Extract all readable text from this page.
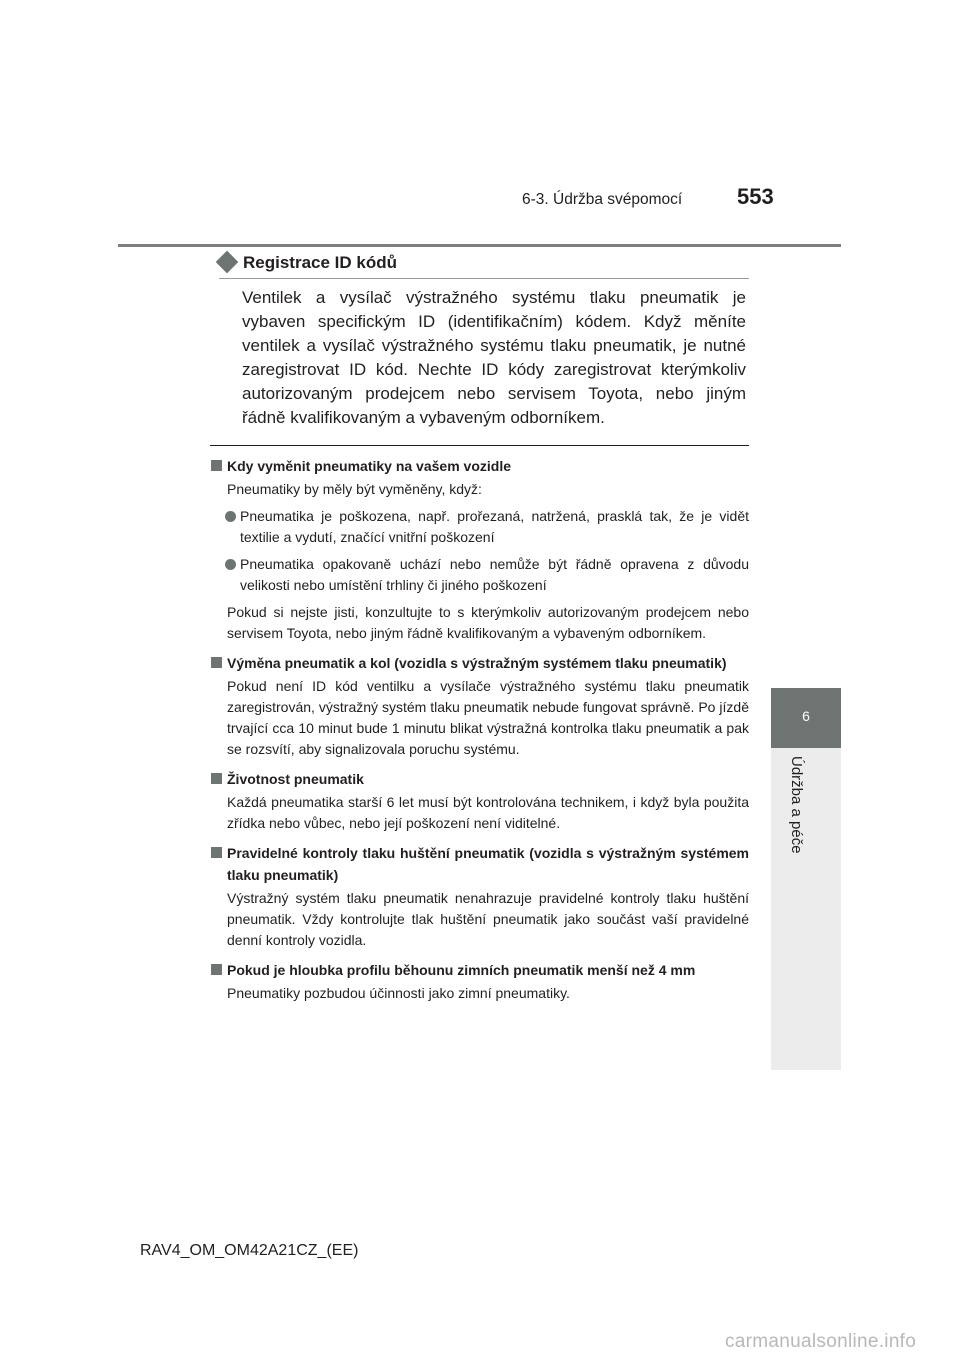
6-3. Údržba svépomocí 553
6
Údržba a péče
Registrace ID kódů

Ventilek a vysílač výstražného systému tlaku pneumatik je vybaven specifickým ID (identifikačním) kódem. Když měníte ventilek a vysílač výstražného systému tlaku pneumatik, je nutné zaregistrovat ID kód. Nechte ID kódy zaregistrovat kterýmkoliv autorizovaným prodejcem nebo servisem Toyota, nebo jiným řádně kvalifikovaným a vybaveným odborníkem.

Kdy vyměnit pneumatiky na vašem vozidle

Pneumatiky by měly být vyměněny, když:

Pneumatika je poškozena, např. prořezaná, natržená, prasklá tak, že je vidět textilie a vydutí, značící vnitřní poškození
Pneumatika opakovaně uchází nebo nemůže být řádně opravena z důvodu velikosti nebo umístění trhliny či jiného poškození

Pokud si nejste jisti, konzultujte to s kterýmkoliv autorizovaným prodejcem nebo servisem Toyota, nebo jiným řádně kvalifikovaným a vybaveným odborníkem.

Výměna pneumatik a kol (vozidla s výstražným systémem tlaku pneumatik)

Pokud není ID kód ventilku a vysílače výstražného systému tlaku pneumatik zaregistrován, výstražný systém tlaku pneumatik nebude fungovat správně. Po jízdě trvající cca 10 minut bude 1 minutu blikat výstražná kontrolka tlaku pneumatik a pak se rozsvítí, aby signalizovala poruchu systému.

Životnost pneumatik

Každá pneumatika starší 6 let musí být kontrolována technikem, i když byla použita zřídka nebo vůbec, nebo její poškození není viditelné.

Pravidelné kontroly tlaku huštění pneumatik (vozidla s výstražným systémem tlaku pneumatik)

Výstražný systém tlaku pneumatik nenahrazuje pravidelné kontroly tlaku huštění pneumatik. Vždy kontrolujte tlak huštění pneumatik jako součást vaší pravidelné denní kontroly vozidla.

Pokud je hloubka profilu běhounu zimních pneumatik menší než 4 mm

Pneumatiky pozbudou účinnosti jako zimní pneumatiky.

RAV4_OM_OM42A21CZ_(EE)
carmanualsonline.info
